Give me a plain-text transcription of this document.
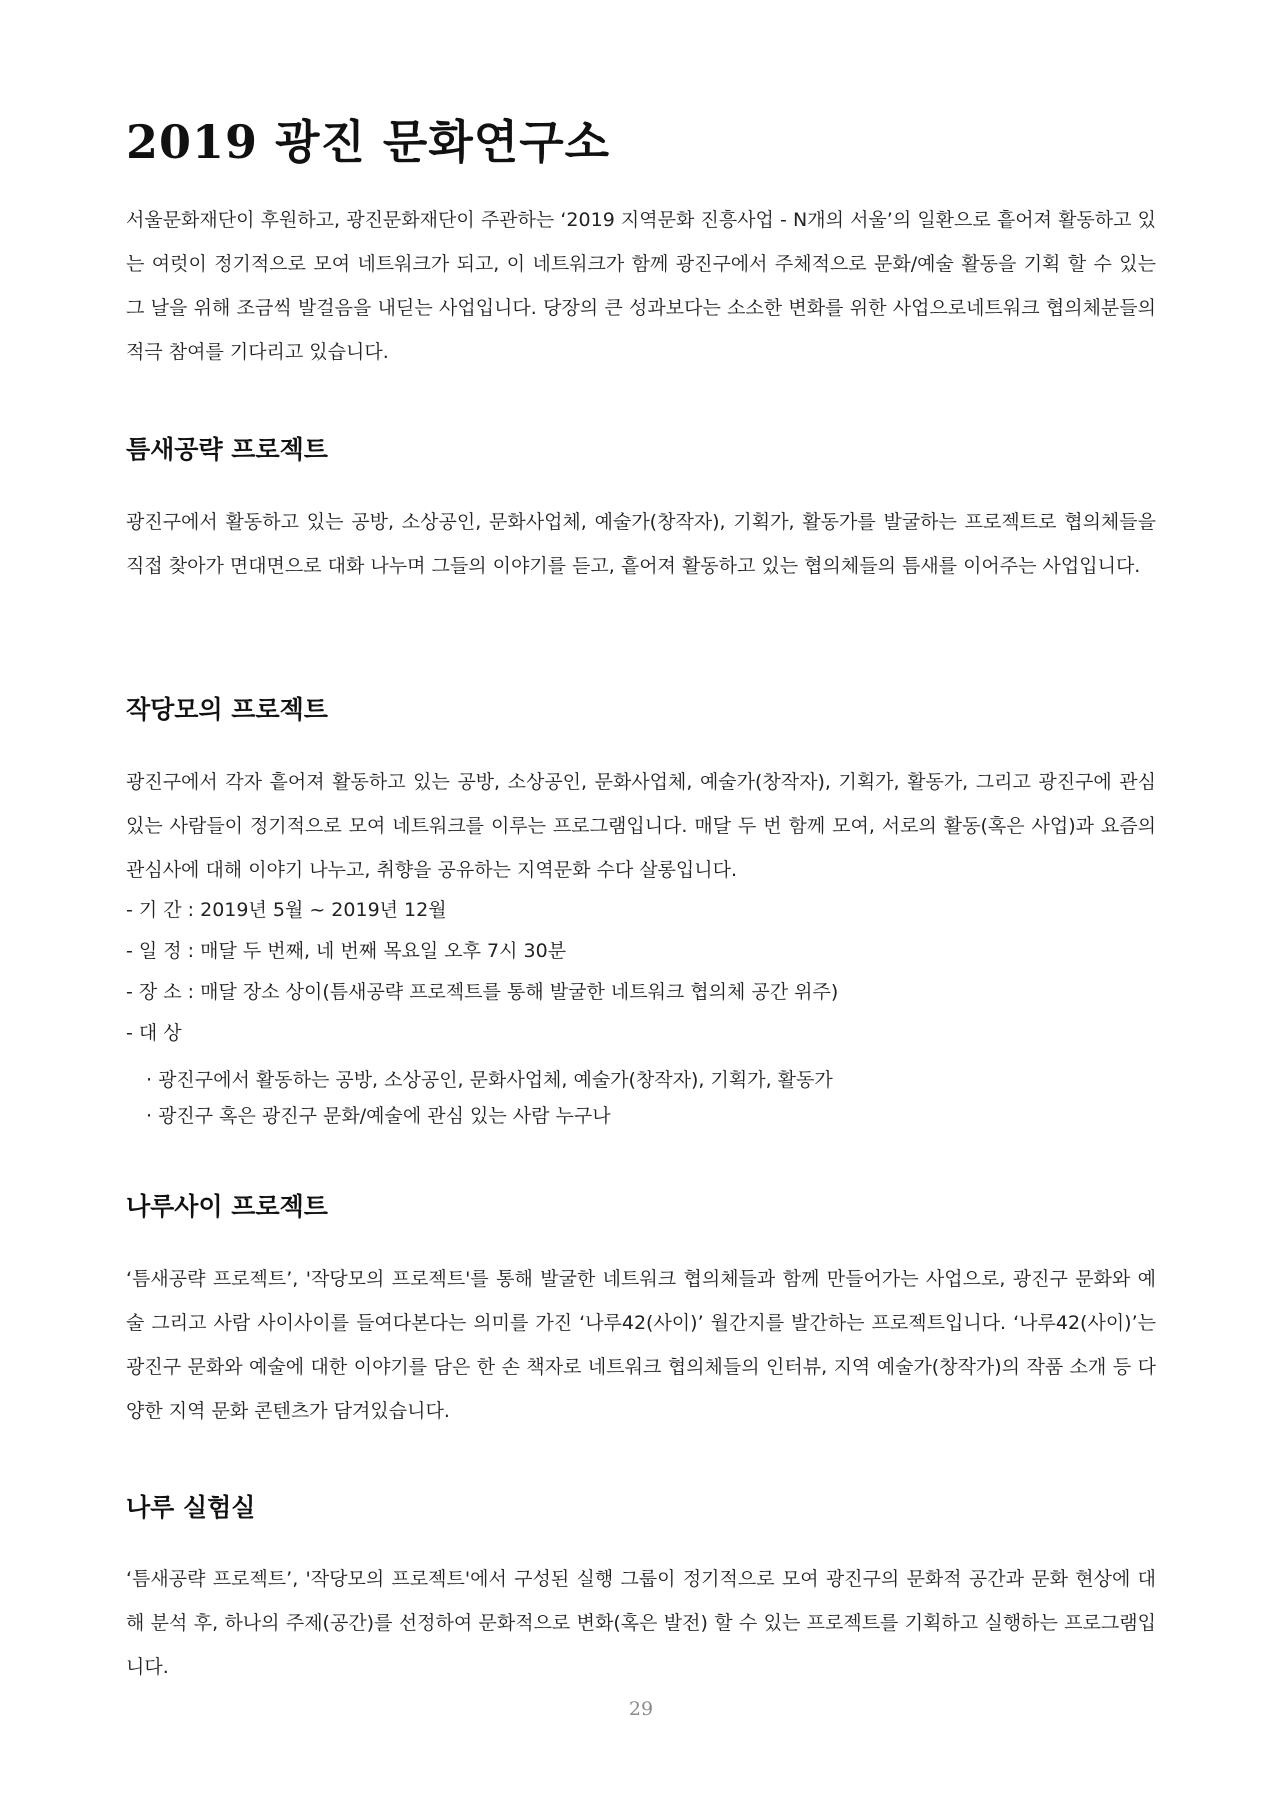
2019 광진 문화연구소

서울문화재단이 후원하고, 광진문화재단이 주관하는 ‘2019 지역문화 진흥사업 - N개의 서울’의 일환으로 흩어져 활동하고 있는 여럿이 정기적으로 모여 네트워크가 되고, 이 네트워크가 함께 광진구에서 주체적으로 문화/예술 활동을 기획 할 수 있는 그 날을 위해 조금씩 발걸음을 내딛는 사업입니다. 당장의 큰 성과보다는 소소한 변화를 위한 사업으로네트워크 협의체분들의 적극 참여를 기다리고 있습니다.

틈새공략 프로젝트

광진구에서 활동하고 있는 공방, 소상공인, 문화사업체, 예술가(창작자), 기획가, 활동가를 발굴하는 프로젝트로 협의체들을 직접 찾아가 면대면으로 대화 나누며 그들의 이야기를 듣고, 흩어져 활동하고 있는 협의체들의 틈새를 이어주는 사업입니다.

작당모의 프로젝트

광진구에서 각자 흩어져 활동하고 있는 공방, 소상공인, 문화사업체, 예술가(창작자), 기획가, 활동가, 그리고 광진구에 관심 있는 사람들이 정기적으로 모여 네트워크를 이루는 프로그램입니다. 매달 두 번 함께 모여, 서로의 활동(혹은 사업)과 요즘의 관심사에 대해 이야기 나누고, 취향을 공유하는 지역문화 수다 살롱입니다.

- 기 간 : 2019년 5월 ~ 2019년 12월
- 일 정 : 매달 두 번째, 네 번째 목요일 오후 7시 30분
- 장 소 : 매달 장소 상이(틈새공략 프로젝트를 통해 발굴한 네트워크 협의체 공간 위주)
- 대 상
· 광진구에서 활동하는 공방, 소상공인, 문화사업체, 예술가(창작자), 기획가, 활동가
· 광진구 혹은 광진구 문화/예술에 관심 있는 사람 누구나
나루사이 프로젝트

‘틈새공략 프로젝트’, '작당모의 프로젝트'를 통해 발굴한 네트워크 협의체들과 함께 만들어가는 사업으로, 광진구 문화와 예술 그리고 사람 사이사이를 들여다본다는 의미를 가진 ‘나루42(사이)’ 월간지를 발간하는 프로젝트입니다. ‘나루42(사이)’는 광진구 문화와 예술에 대한 이야기를 담은 한 손 책자로 네트워크 협의체들의 인터뷰, 지역 예술가(창작가)의 작품 소개 등 다양한 지역 문화 콘텐츠가 담겨있습니다.

나루 실험실

‘틈새공략 프로젝트’, '작당모의 프로젝트'에서 구성된 실행 그룹이 정기적으로 모여 광진구의 문화적 공간과 문화 현상에 대해 분석 후, 하나의 주제(공간)를 선정하여 문화적으로 변화(혹은 발전) 할 수 있는 프로젝트를 기획하고 실행하는 프로그램입니다.

29
